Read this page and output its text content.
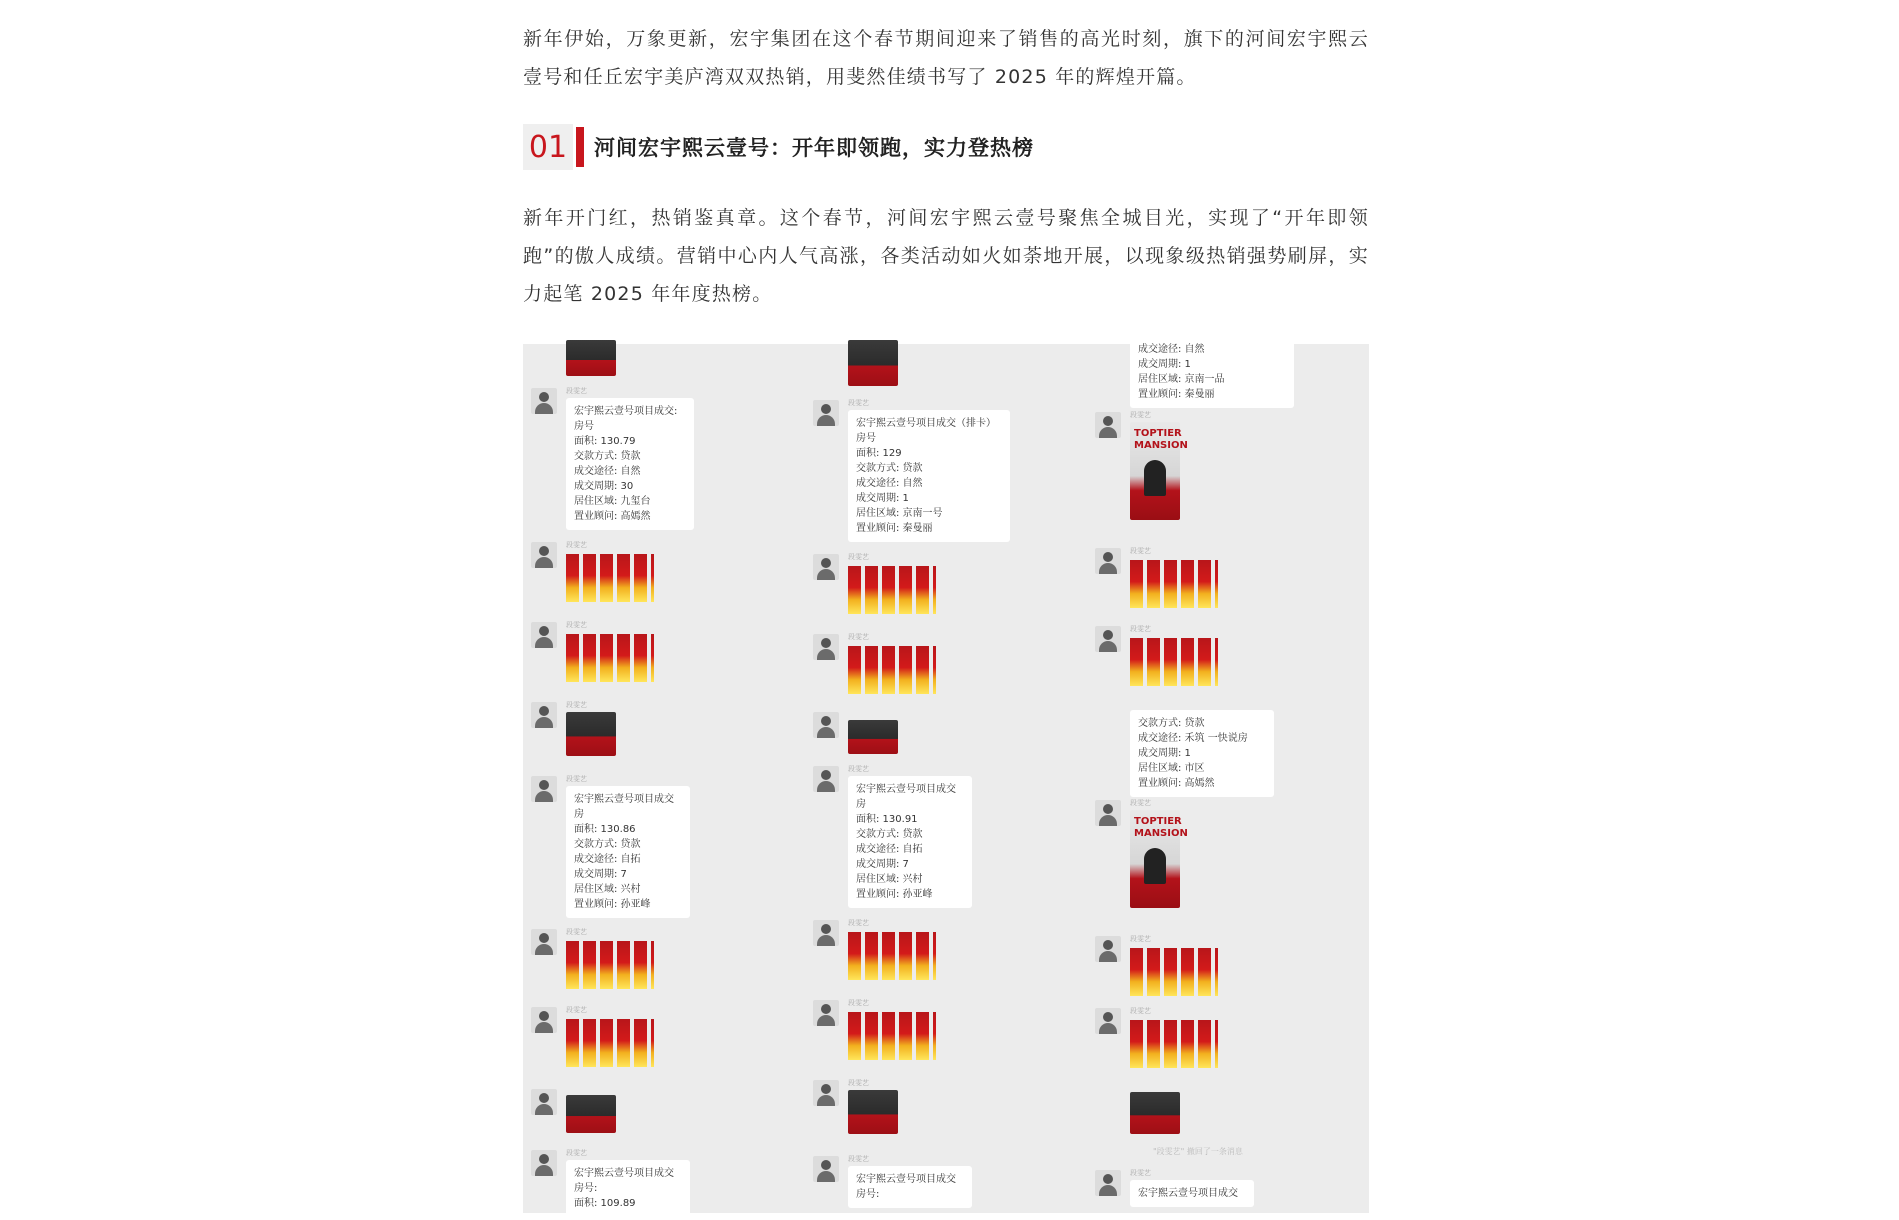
新年伊始，万象更新，宏宇集团在这个春节期间迎来了销售的高光时刻，旗下的河间宏宇熙云壹号和任丘宏宇美庐湾双双热销，用斐然佳绩书写了 2025 年的辉煌开篇。

01 河间宏宇熙云壹号：开年即领跑，实力登热榜

新年开门红，热销鉴真章。这个春节，河间宏宇熙云壹号聚焦全城目光，实现了“开年即领跑”的傲人成绩。营销中心内人气高涨，各类活动如火如荼地开展，以现象级热销强势刷屏，实力起笔 2025 年年度热榜。

段雯艺
宏宇熙云壹号项目成交:
房号
面积: 130.79
交款方式: 贷款
成交途径: 自然
成交周期: 30
居住区域: 九玺台
置业顾问: 高嫣然
段雯艺
段雯艺
段雯艺
段雯艺
宏宇熙云壹号项目成交
房
面积: 130.86
交款方式: 贷款
成交途径: 自拓
成交周期: 7
居住区域: 兴村
置业顾问: 孙亚峰
段雯艺
段雯艺
段雯艺
宏宇熙云壹号项目成交
房号:
面积: 109.89
段雯艺
宏宇熙云壹号项目成交（排卡）
房号
面积: 129
交款方式: 贷款
成交途径: 自然
成交周期: 1
居住区域: 京南一号
置业顾问: 秦曼丽
段雯艺
段雯艺
段雯艺
宏宇熙云壹号项目成交
房
面积: 130.91
交款方式: 贷款
成交途径: 自拓
成交周期: 7
居住区域: 兴村
置业顾问: 孙亚峰
段雯艺
段雯艺
段雯艺
段雯艺
宏宇熙云壹号项目成交
房号:
成交途径: 自然
成交周期: 1
居住区域: 京南一品
置业顾问: 秦曼丽
段雯艺
TOPTIER MANSION
段雯艺
段雯艺
交款方式: 贷款
成交途径: 禾筑 一快说房
成交周期: 1
居住区域: 市区
置业顾问: 高嫣然
段雯艺
TOPTIER MANSION
段雯艺
段雯艺
"段雯艺" 撤回了一条消息
段雯艺
宏宇熙云壹号项目成交
